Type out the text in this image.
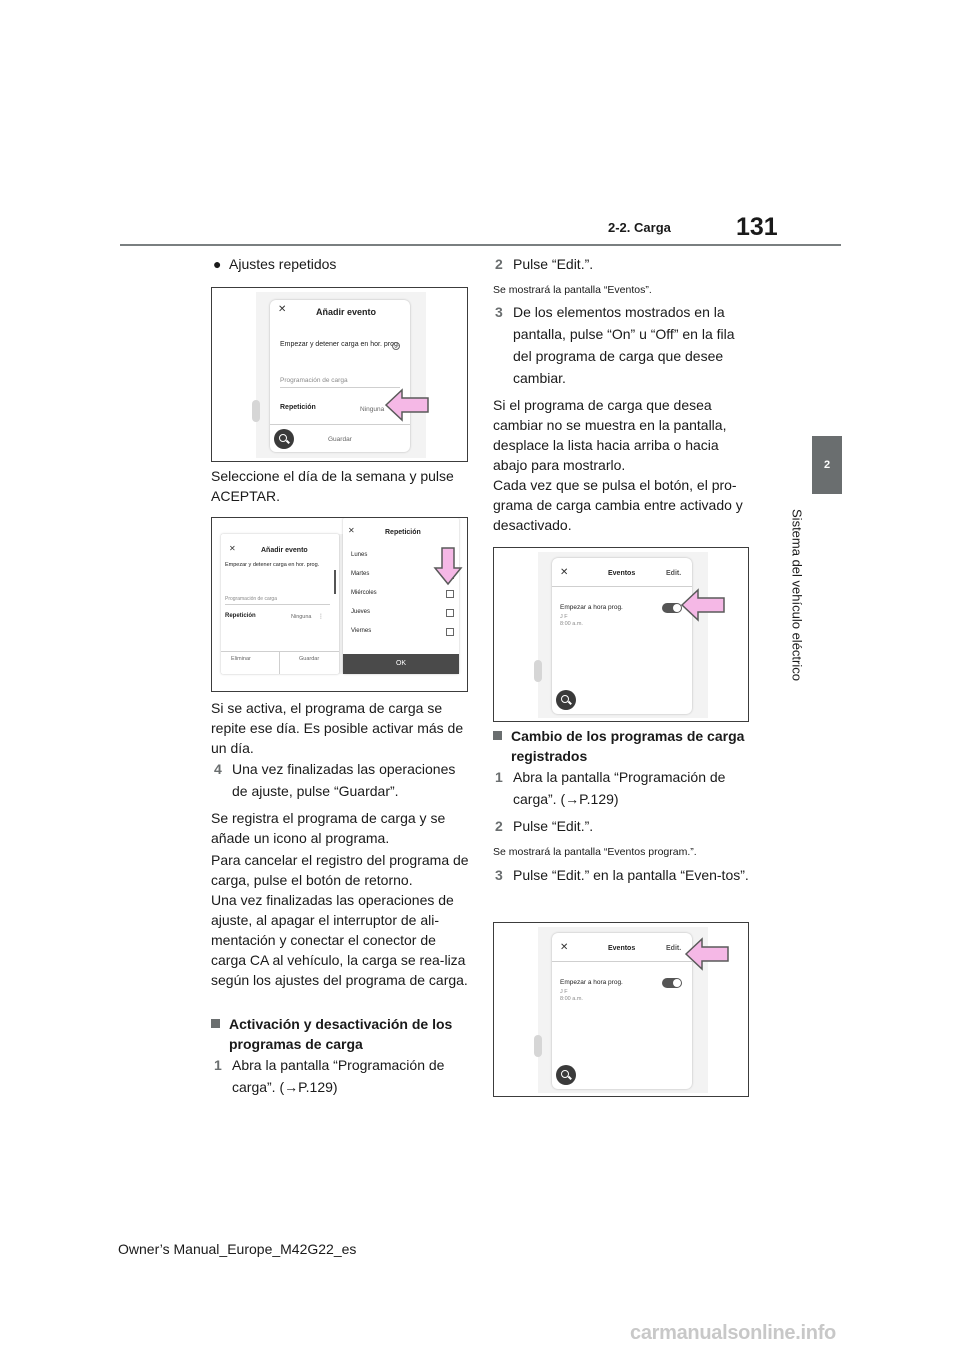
2-2. Carga	131
2
Sistema del vehículo eléctrico
● Ajustes repetidos
✕	Añadir evento
Empezar y detener carga en hor. prog.
Programación de carga
Repetición	Ninguna
Guardar

Seleccione el día de la semana y pulse ACEPTAR.

✕	Añadir evento
Empezar y detener carga en hor. prog.
Programación de carga
Repetición	Ninguna ⋮
Eliminar	Guardar
✕	Repetición
Lunes
Martes
Miércoles
Jueves
Viernes
OK

Si se activa, el programa de carga se repite ese día. Es posible activar más de un día.

4 Una vez finalizadas las operaciones de ajuste, pulse “Guardar”.

Se registra el programa de carga y se añade un icono al programa.

Para cancelar el registro del programa de carga, pulse el botón de retorno.

Una vez finalizadas las operaciones de ajuste, al apagar el interruptor de ali-mentación y conectar el conector de carga CA al vehículo, la carga se rea-liza según los ajustes del programa de carga.

Activación y desactivación de los programas de carga

1 Abra la pantalla “Programación de carga”. (→P.129)

2 Pulse “Edit.”.

Se mostrará la pantalla “Eventos”.

3 De los elementos mostrados en la pantalla, pulse “On” u “Off” en la fila del programa de carga que desee cambiar.

Si el programa de carga que desea cambiar no se muestra en la pantalla, desplace la lista hacia arriba o hacia abajo para mostrarlo.

Cada vez que se pulsa el botón, el pro-grama de carga cambia entre activado y desactivado.

✕	Eventos	Edit.
Empezar a hora prog.
J F
8:00 a.m.

Cambio de los programas de carga registrados

1 Abra la pantalla “Programación de carga”. (→P.129)

2 Pulse “Edit.”.

Se mostrará la pantalla “Eventos program.”.

3 Pulse “Edit.” en la pantalla “Even-tos”.

✕	Eventos	Edit.
Empezar a hora prog.
J F
8:00 a.m.
Owner’s Manual_Europe_M42G22_es
carmanualsonline.info
